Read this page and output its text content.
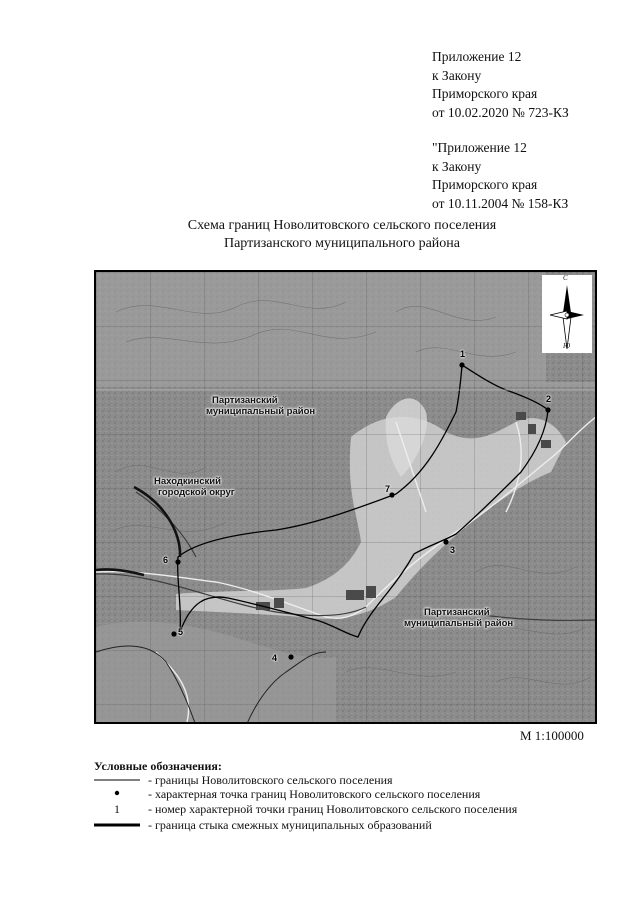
Приложение 12
к Закону
Приморского края
от 10.02.2020 № 723-КЗ
"Приложение 12
к Закону
Приморского края
от 10.11.2004 № 158-КЗ
Схема границ Новолитовского сельского поселения
Партизанского муниципального района
С
Ю
Партизанский
муниципальный район
Находкинский
городской округ
Партизанский
муниципальный район
1
2
3
4
5
6
7
М 1:100000
Условные обозначения:
- границы Новолитовского сельского поселения
- характерная точка границ Новолитовского сельского поселения
1	- номер характерной точки границ Новолитовского сельского поселения
- граница стыка смежных муниципальных образований
